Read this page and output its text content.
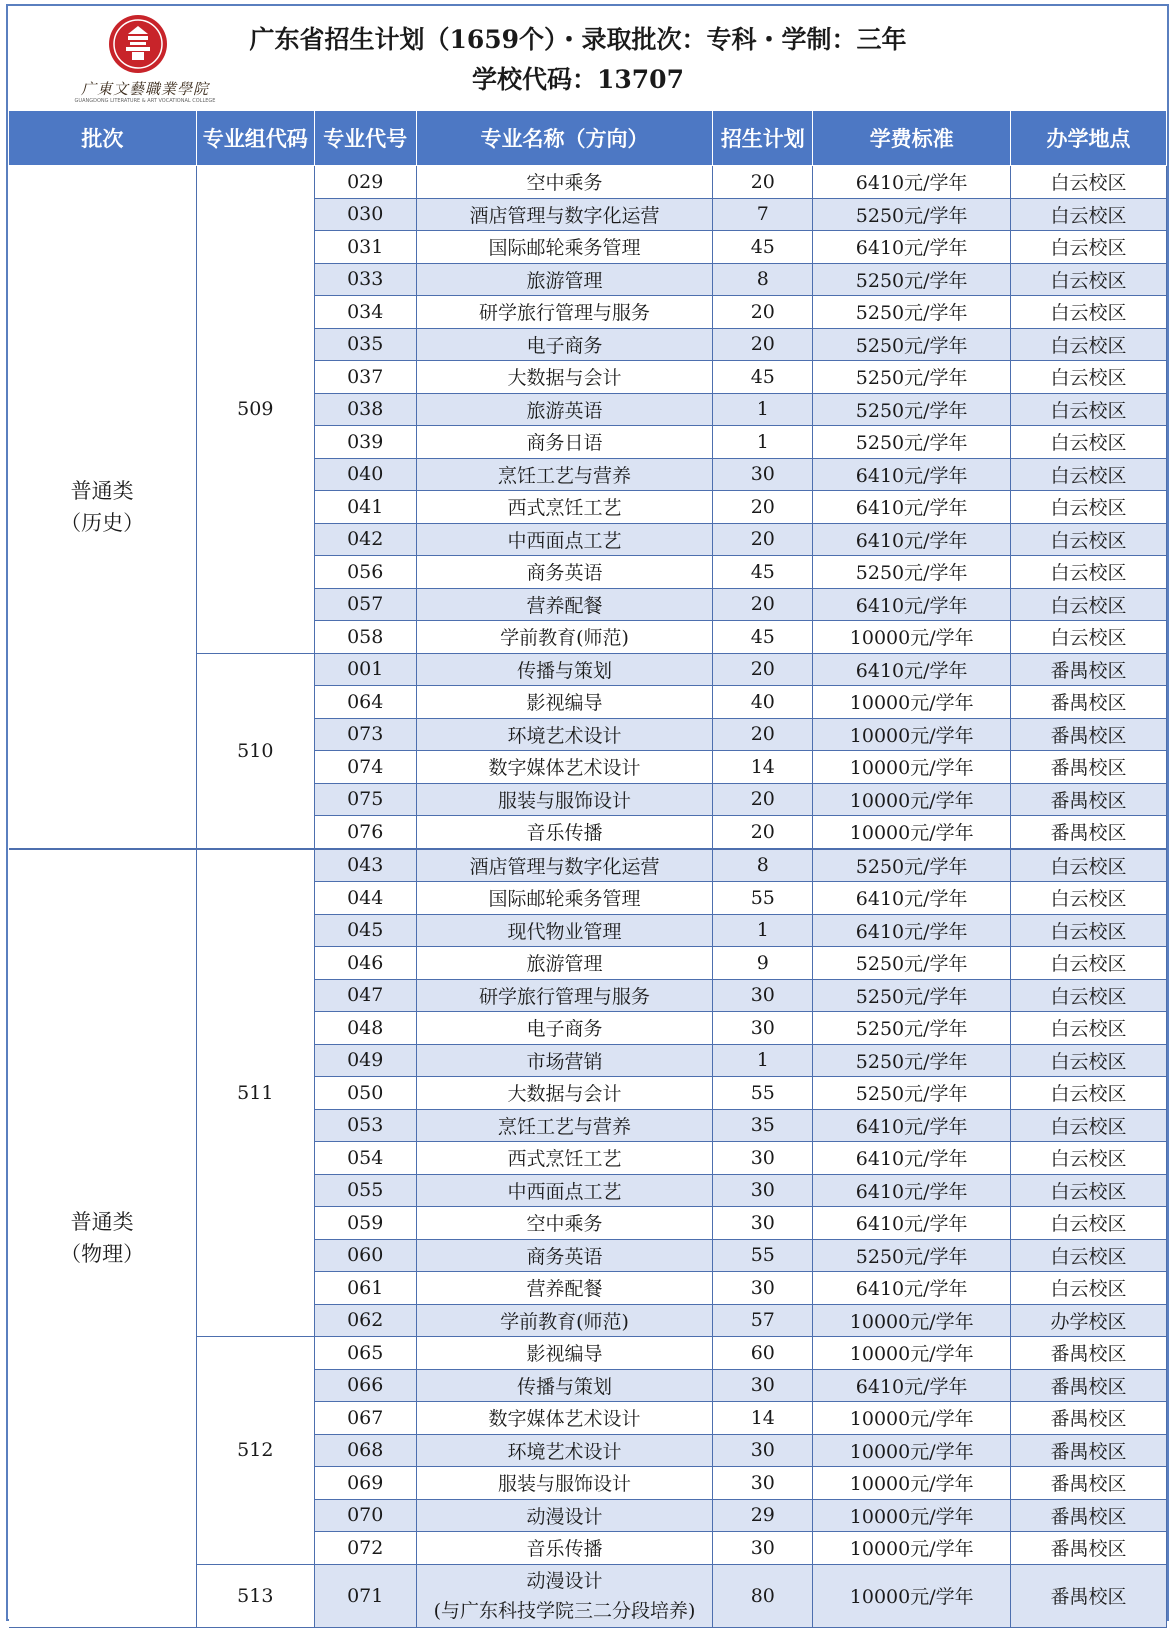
广東文藝職業學院
GUANGDONG LITERATURE & ART VOCATIONAL COLLEGE
广东省招生计划（1659个）・录取批次：专科・学制：三年
学校代码：13707
批次	专业组代码	专业代号	专业名称（方向）	招生计划	学费标准	办学地点

普通类
（历史）	509	029	空中乘务	20	6410元/学年	白云校区
		030	酒店管理与数字化运营	7	5250元/学年	白云校区
		031	国际邮轮乘务管理	45	6410元/学年	白云校区
		033	旅游管理	8	5250元/学年	白云校区
		034	研学旅行管理与服务	20	5250元/学年	白云校区
		035	电子商务	20	5250元/学年	白云校区
		037	大数据与会计	45	5250元/学年	白云校区
		038	旅游英语	1	5250元/学年	白云校区
		039	商务日语	1	5250元/学年	白云校区
		040	烹饪工艺与营养	30	6410元/学年	白云校区
		041	西式烹饪工艺	20	6410元/学年	白云校区
		042	中西面点工艺	20	6410元/学年	白云校区
		056	商务英语	45	5250元/学年	白云校区
		057	营养配餐	20	6410元/学年	白云校区
		058	学前教育(师范)	45	10000元/学年	白云校区
	510	001	传播与策划	20	6410元/学年	番禺校区
		064	影视编导	40	10000元/学年	番禺校区
		073	环境艺术设计	20	10000元/学年	番禺校区
		074	数字媒体艺术设计	14	10000元/学年	番禺校区
		075	服装与服饰设计	20	10000元/学年	番禺校区
		076	音乐传播	20	10000元/学年	番禺校区

普通类
（物理）	511	043	酒店管理与数字化运营	8	5250元/学年	白云校区
		044	国际邮轮乘务管理	55	6410元/学年	白云校区
		045	现代物业管理	1	6410元/学年	白云校区
		046	旅游管理	9	5250元/学年	白云校区
		047	研学旅行管理与服务	30	5250元/学年	白云校区
		048	电子商务	30	5250元/学年	白云校区
		049	市场营销	1	5250元/学年	白云校区
		050	大数据与会计	55	5250元/学年	白云校区
		053	烹饪工艺与营养	35	6410元/学年	白云校区
		054	西式烹饪工艺	30	6410元/学年	白云校区
		055	中西面点工艺	30	6410元/学年	白云校区
		059	空中乘务	30	6410元/学年	白云校区
		060	商务英语	55	5250元/学年	白云校区
		061	营养配餐	30	6410元/学年	白云校区
		062	学前教育(师范)	57	10000元/学年	办学校区
	512	065	影视编导	60	10000元/学年	番禺校区
		066	传播与策划	30	6410元/学年	番禺校区
		067	数字媒体艺术设计	14	10000元/学年	番禺校区
		068	环境艺术设计	30	10000元/学年	番禺校区
		069	服装与服饰设计	30	10000元/学年	番禺校区
		070	动漫设计	29	10000元/学年	番禺校区
		072	音乐传播	30	10000元/学年	番禺校区
	513	071	动漫设计
(与广东科技学院三二分段培养)	80	10000元/学年	番禺校区
